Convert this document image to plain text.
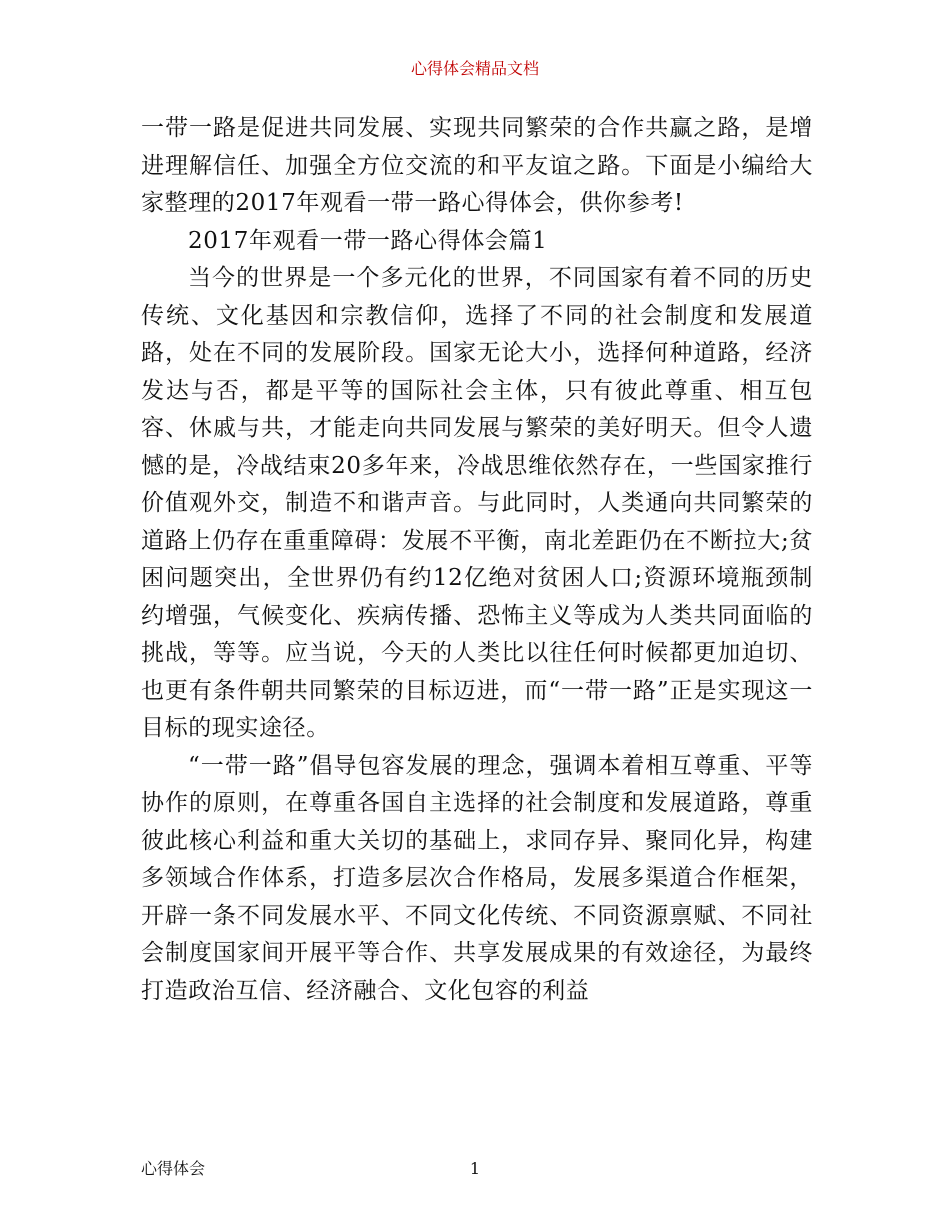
心得体会精品文档

一带一路是促进共同发展、实现共同繁荣的合作共赢之路，是增进理解信任、加强全方位交流的和平友谊之路。下面是小编给大家整理的2017年观看一带一路心得体会，供你参考!

2017年观看一带一路心得体会篇1

当今的世界是一个多元化的世界，不同国家有着不同的历史传统、文化基因和宗教信仰，选择了不同的社会制度和发展道路，处在不同的发展阶段。国家无论大小，选择何种道路，经济发达与否，都是平等的国际社会主体，只有彼此尊重、相互包容、休戚与共，才能走向共同发展与繁荣的美好明天。但令人遗憾的是，冷战结束20多年来，冷战思维依然存在，一些国家推行价值观外交，制造不和谐声音。与此同时，人类通向共同繁荣的道路上仍存在重重障碍：发展不平衡，南北差距仍在不断拉大;贫困问题突出，全世界仍有约12亿绝对贫困人口;资源环境瓶颈制约增强，气候变化、疾病传播、恐怖主义等成为人类共同面临的挑战，等等。应当说，今天的人类比以往任何时候都更加迫切、也更有条件朝共同繁荣的目标迈进，而“一带一路”正是实现这一目标的现实途径。

“一带一路”倡导包容发展的理念，强调本着相互尊重、平等协作的原则，在尊重各国自主选择的社会制度和发展道路，尊重彼此核心利益和重大关切的基础上，求同存异、聚同化异，构建多领域合作体系，打造多层次合作格局，发展多渠道合作框架，开辟一条不同发展水平、不同文化传统、不同资源禀赋、不同社会制度国家间开展平等合作、共享发展成果的有效途径，为最终打造政治互信、经济融合、文化包容的利益

心得体会	1
